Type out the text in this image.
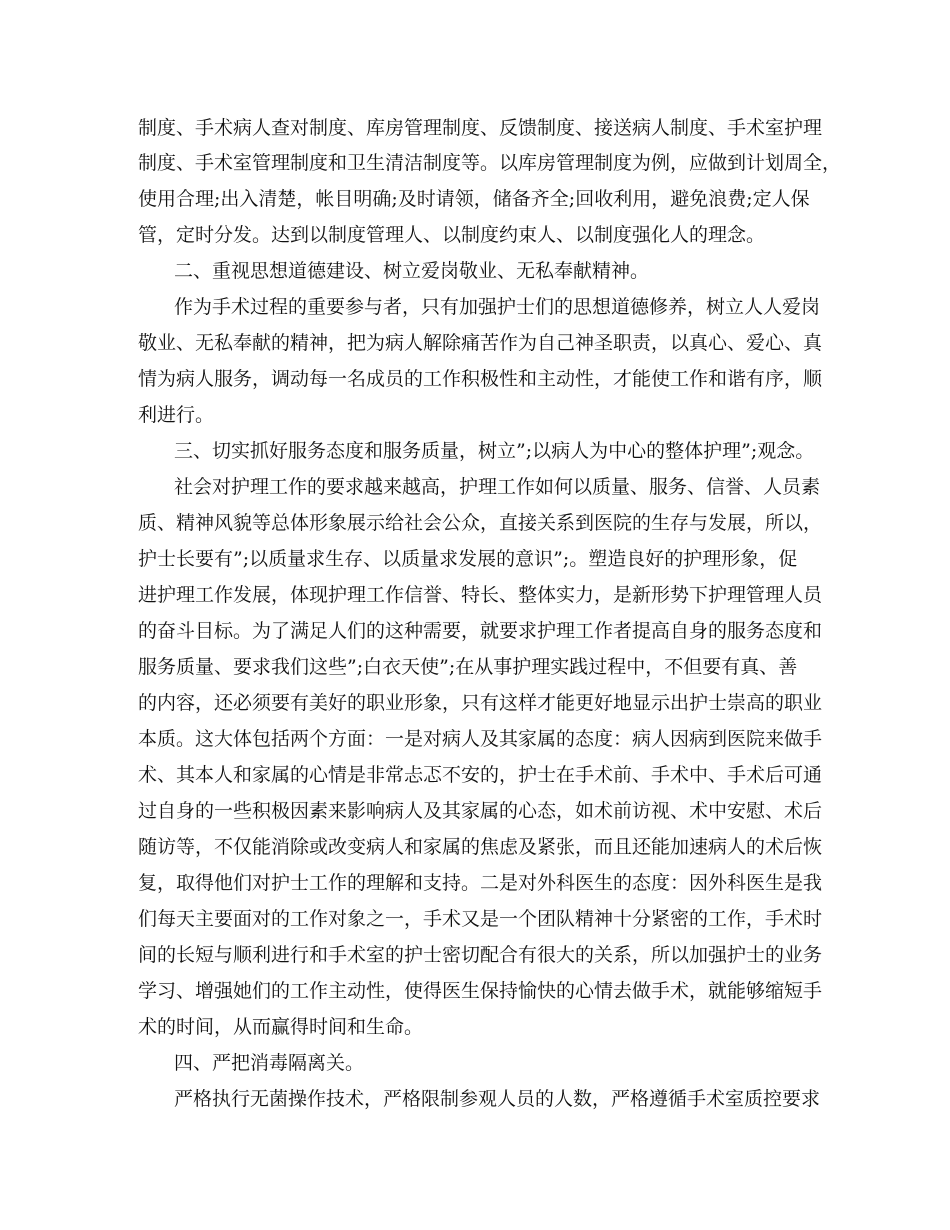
制度、手术病人查对制度、库房管理制度、反馈制度、接送病人制度、手术室护理
制度、手术室管理制度和卫生清洁制度等。以库房管理制度为例，应做到计划周全，
使用合理;出入清楚，帐目明确;及时请领，储备齐全;回收利用，避免浪费;定人保
管，定时分发。达到以制度管理人、以制度约束人、以制度强化人的理念。
二、重视思想道德建设、树立爱岗敬业、无私奉献精神。
作为手术过程的重要参与者，只有加强护士们的思想道德修养，树立人人爱岗
敬业、无私奉献的精神，把为病人解除痛苦作为自己神圣职责，以真心、爱心、真
情为病人服务，调动每一名成员的工作积极性和主动性，才能使工作和谐有序，顺
利进行。
三、切实抓好服务态度和服务质量，树立”;以病人为中心的整体护理”;观念。
社会对护理工作的要求越来越高，护理工作如何以质量、服务、信誉、人员素
质、精神风貌等总体形象展示给社会公众，直接关系到医院的生存与发展，所以，
护士长要有”;以质量求生存、以质量求发展的意识”;。塑造良好的护理形象，促
进护理工作发展，体现护理工作信誉、特长、整体实力，是新形势下护理管理人员
的奋斗目标。为了满足人们的这种需要，就要求护理工作者提高自身的服务态度和
服务质量、要求我们这些”;白衣天使”;在从事护理实践过程中，不但要有真、善
的内容，还必须要有美好的职业形象，只有这样才能更好地显示出护士崇高的职业
本质。这大体包括两个方面：一是对病人及其家属的态度：病人因病到医院来做手
术、其本人和家属的心情是非常忐忑不安的，护士在手术前、手术中、手术后可通
过自身的一些积极因素来影响病人及其家属的心态，如术前访视、术中安慰、术后
随访等，不仅能消除或改变病人和家属的焦虑及紧张，而且还能加速病人的术后恢
复，取得他们对护士工作的理解和支持。二是对外科医生的态度：因外科医生是我
们每天主要面对的工作对象之一，手术又是一个团队精神十分紧密的工作，手术时
间的长短与顺利进行和手术室的护士密切配合有很大的关系，所以加强护士的业务
学习、增强她们的工作主动性，使得医生保持愉快的心情去做手术，就能够缩短手
术的时间，从而赢得时间和生命。
四、严把消毒隔离关。
严格执行无菌操作技术，严格限制参观人员的人数，严格遵循手术室质控要求
